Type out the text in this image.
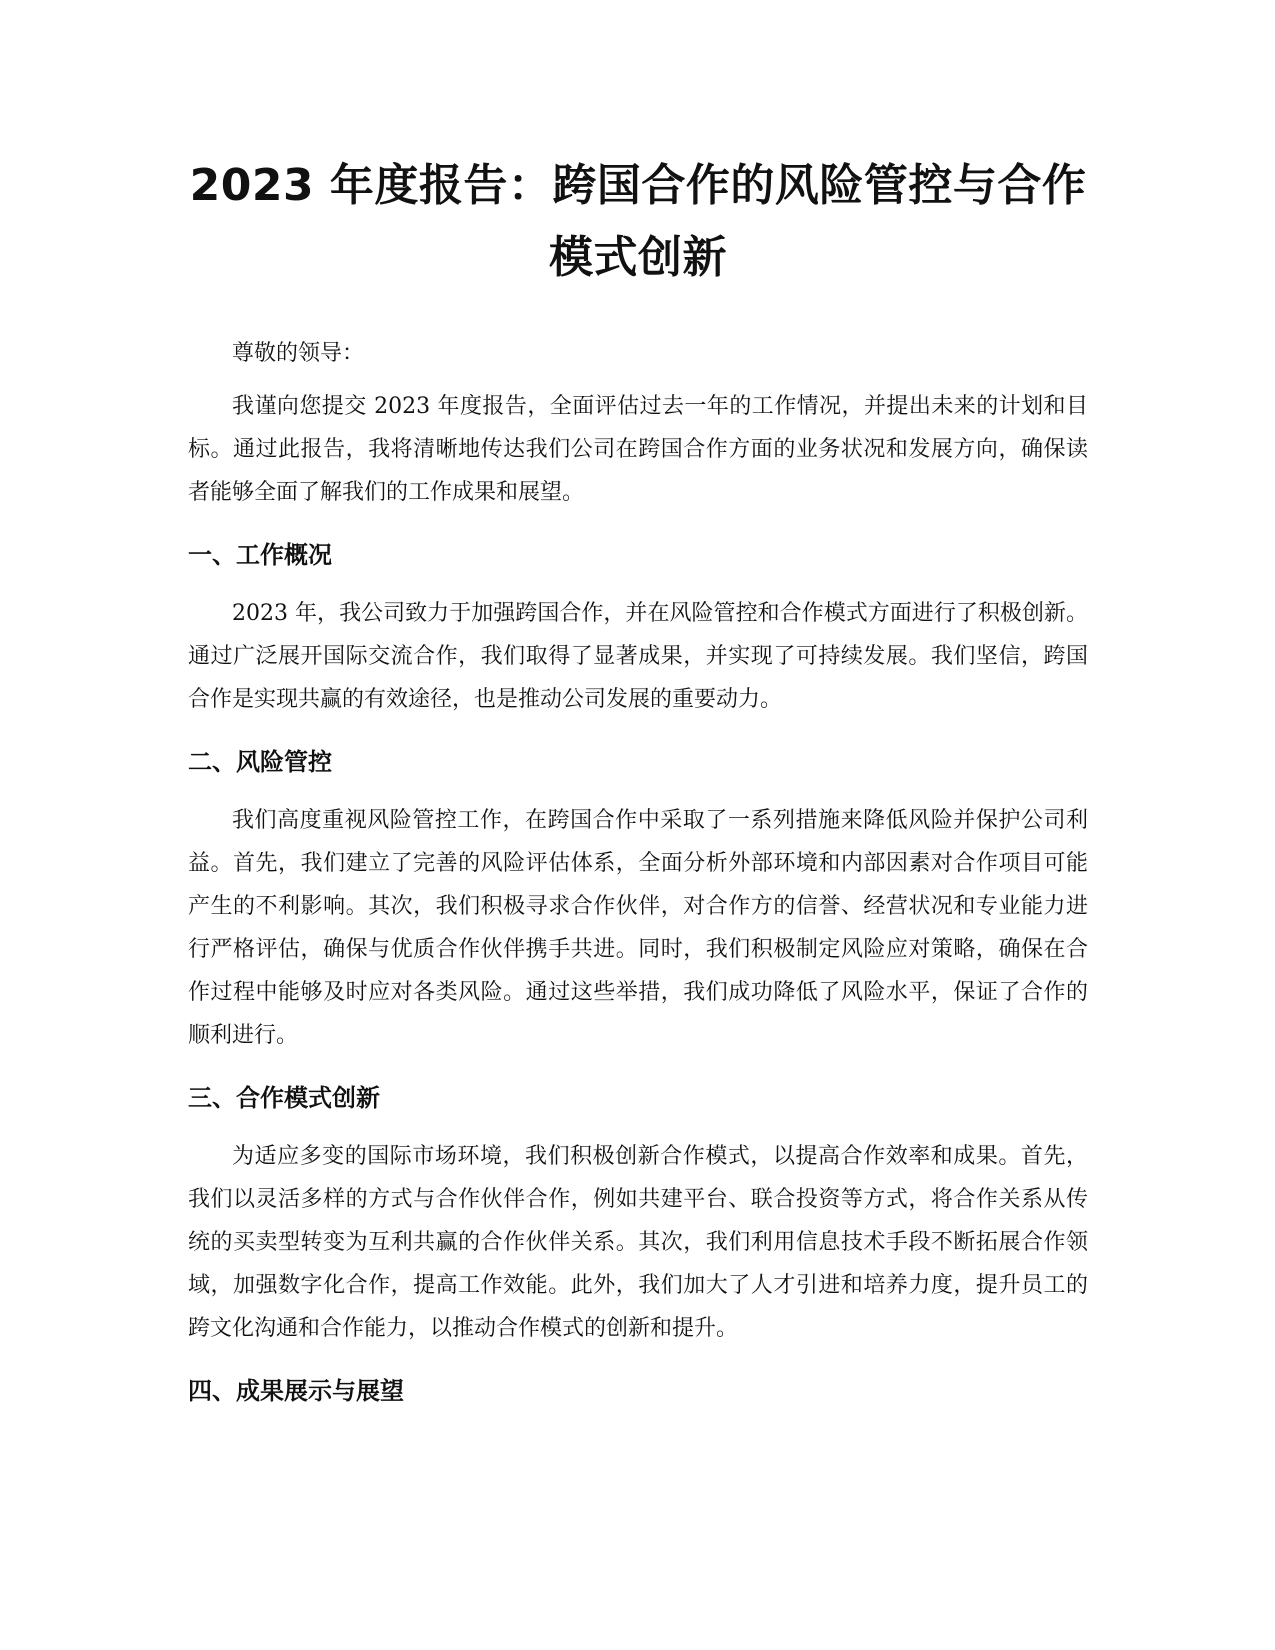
2023 年度报告：跨国合作的风险管控与合作
模式创新

尊敬的领导：

我谨向您提交 2023 年度报告，全面评估过去一年的工作情况，并提出未来的计划和目标。通过此报告，我将清晰地传达我们公司在跨国合作方面的业务状况和发展方向，确保读者能够全面了解我们的工作成果和展望。

一、工作概况

2023 年，我公司致力于加强跨国合作，并在风险管控和合作模式方面进行了积极创新。通过广泛展开国际交流合作，我们取得了显著成果，并实现了可持续发展。我们坚信，跨国合作是实现共赢的有效途径，也是推动公司发展的重要动力。

二、风险管控

我们高度重视风险管控工作，在跨国合作中采取了一系列措施来降低风险并保护公司利益。首先，我们建立了完善的风险评估体系，全面分析外部环境和内部因素对合作项目可能产生的不利影响。其次，我们积极寻求合作伙伴，对合作方的信誉、经营状况和专业能力进行严格评估，确保与优质合作伙伴携手共进。同时，我们积极制定风险应对策略，确保在合作过程中能够及时应对各类风险。通过这些举措，我们成功降低了风险水平，保证了合作的顺利进行。

三、合作模式创新

为适应多变的国际市场环境，我们积极创新合作模式，以提高合作效率和成果。首先，我们以灵活多样的方式与合作伙伴合作，例如共建平台、联合投资等方式，将合作关系从传统的买卖型转变为互利共赢的合作伙伴关系。其次，我们利用信息技术手段不断拓展合作领域，加强数字化合作，提高工作效能。此外，我们加大了人才引进和培养力度，提升员工的跨文化沟通和合作能力，以推动合作模式的创新和提升。

四、成果展示与展望
